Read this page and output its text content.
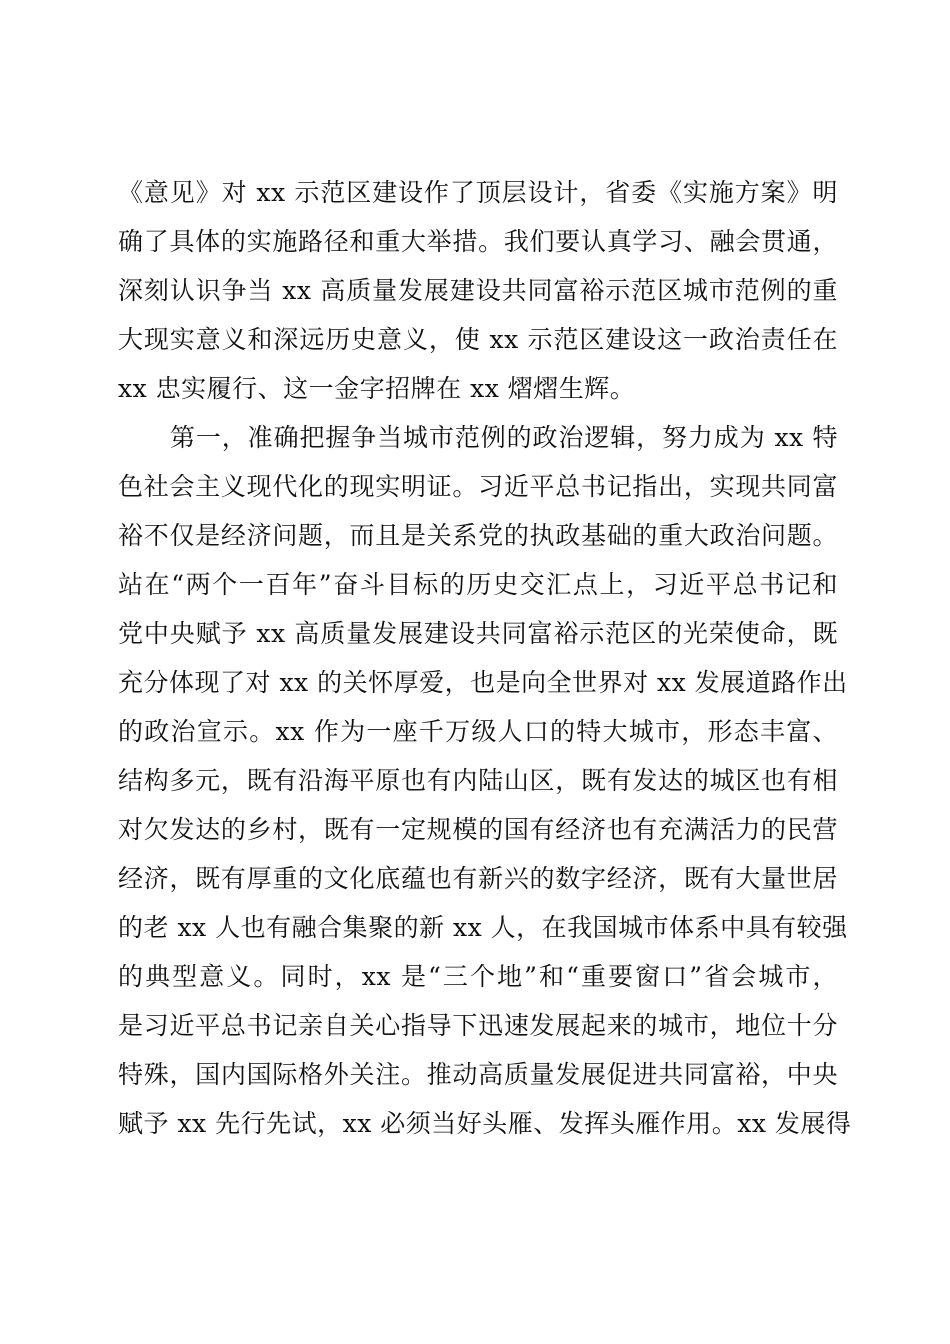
《意见》对 xx 示范区建设作了顶层设计，省委《实施方案》明
确了具体的实施路径和重大举措。我们要认真学习、融会贯通，
深刻认识争当 xx 高质量发展建设共同富裕示范区城市范例的重
大现实意义和深远历史意义，使 xx 示范区建设这一政治责任在
xx 忠实履行、这一金字招牌在 xx 熠熠生辉。
第一，准确把握争当城市范例的政治逻辑，努力成为 xx 特
色社会主义现代化的现实明证。习近平总书记指出，实现共同富
裕不仅是经济问题，而且是关系党的执政基础的重大政治问题。
站在“两个一百年”奋斗目标的历史交汇点上，习近平总书记和
党中央赋予 xx 高质量发展建设共同富裕示范区的光荣使命，既
充分体现了对 xx 的关怀厚爱，也是向全世界对 xx 发展道路作出
的政治宣示。xx 作为一座千万级人口的特大城市，形态丰富、
结构多元，既有沿海平原也有内陆山区，既有发达的城区也有相
对欠发达的乡村，既有一定规模的国有经济也有充满活力的民营
经济，既有厚重的文化底蕴也有新兴的数字经济，既有大量世居
的老 xx 人也有融合集聚的新 xx 人，在我国城市体系中具有较强
的典型意义。同时，xx 是“三个地”和“重要窗口”省会城市，
是习近平总书记亲自关心指导下迅速发展起来的城市，地位十分
特殊，国内国际格外关注。推动高质量发展促进共同富裕，中央
赋予 xx 先行先试，xx 必须当好头雁、发挥头雁作用。xx 发展得
